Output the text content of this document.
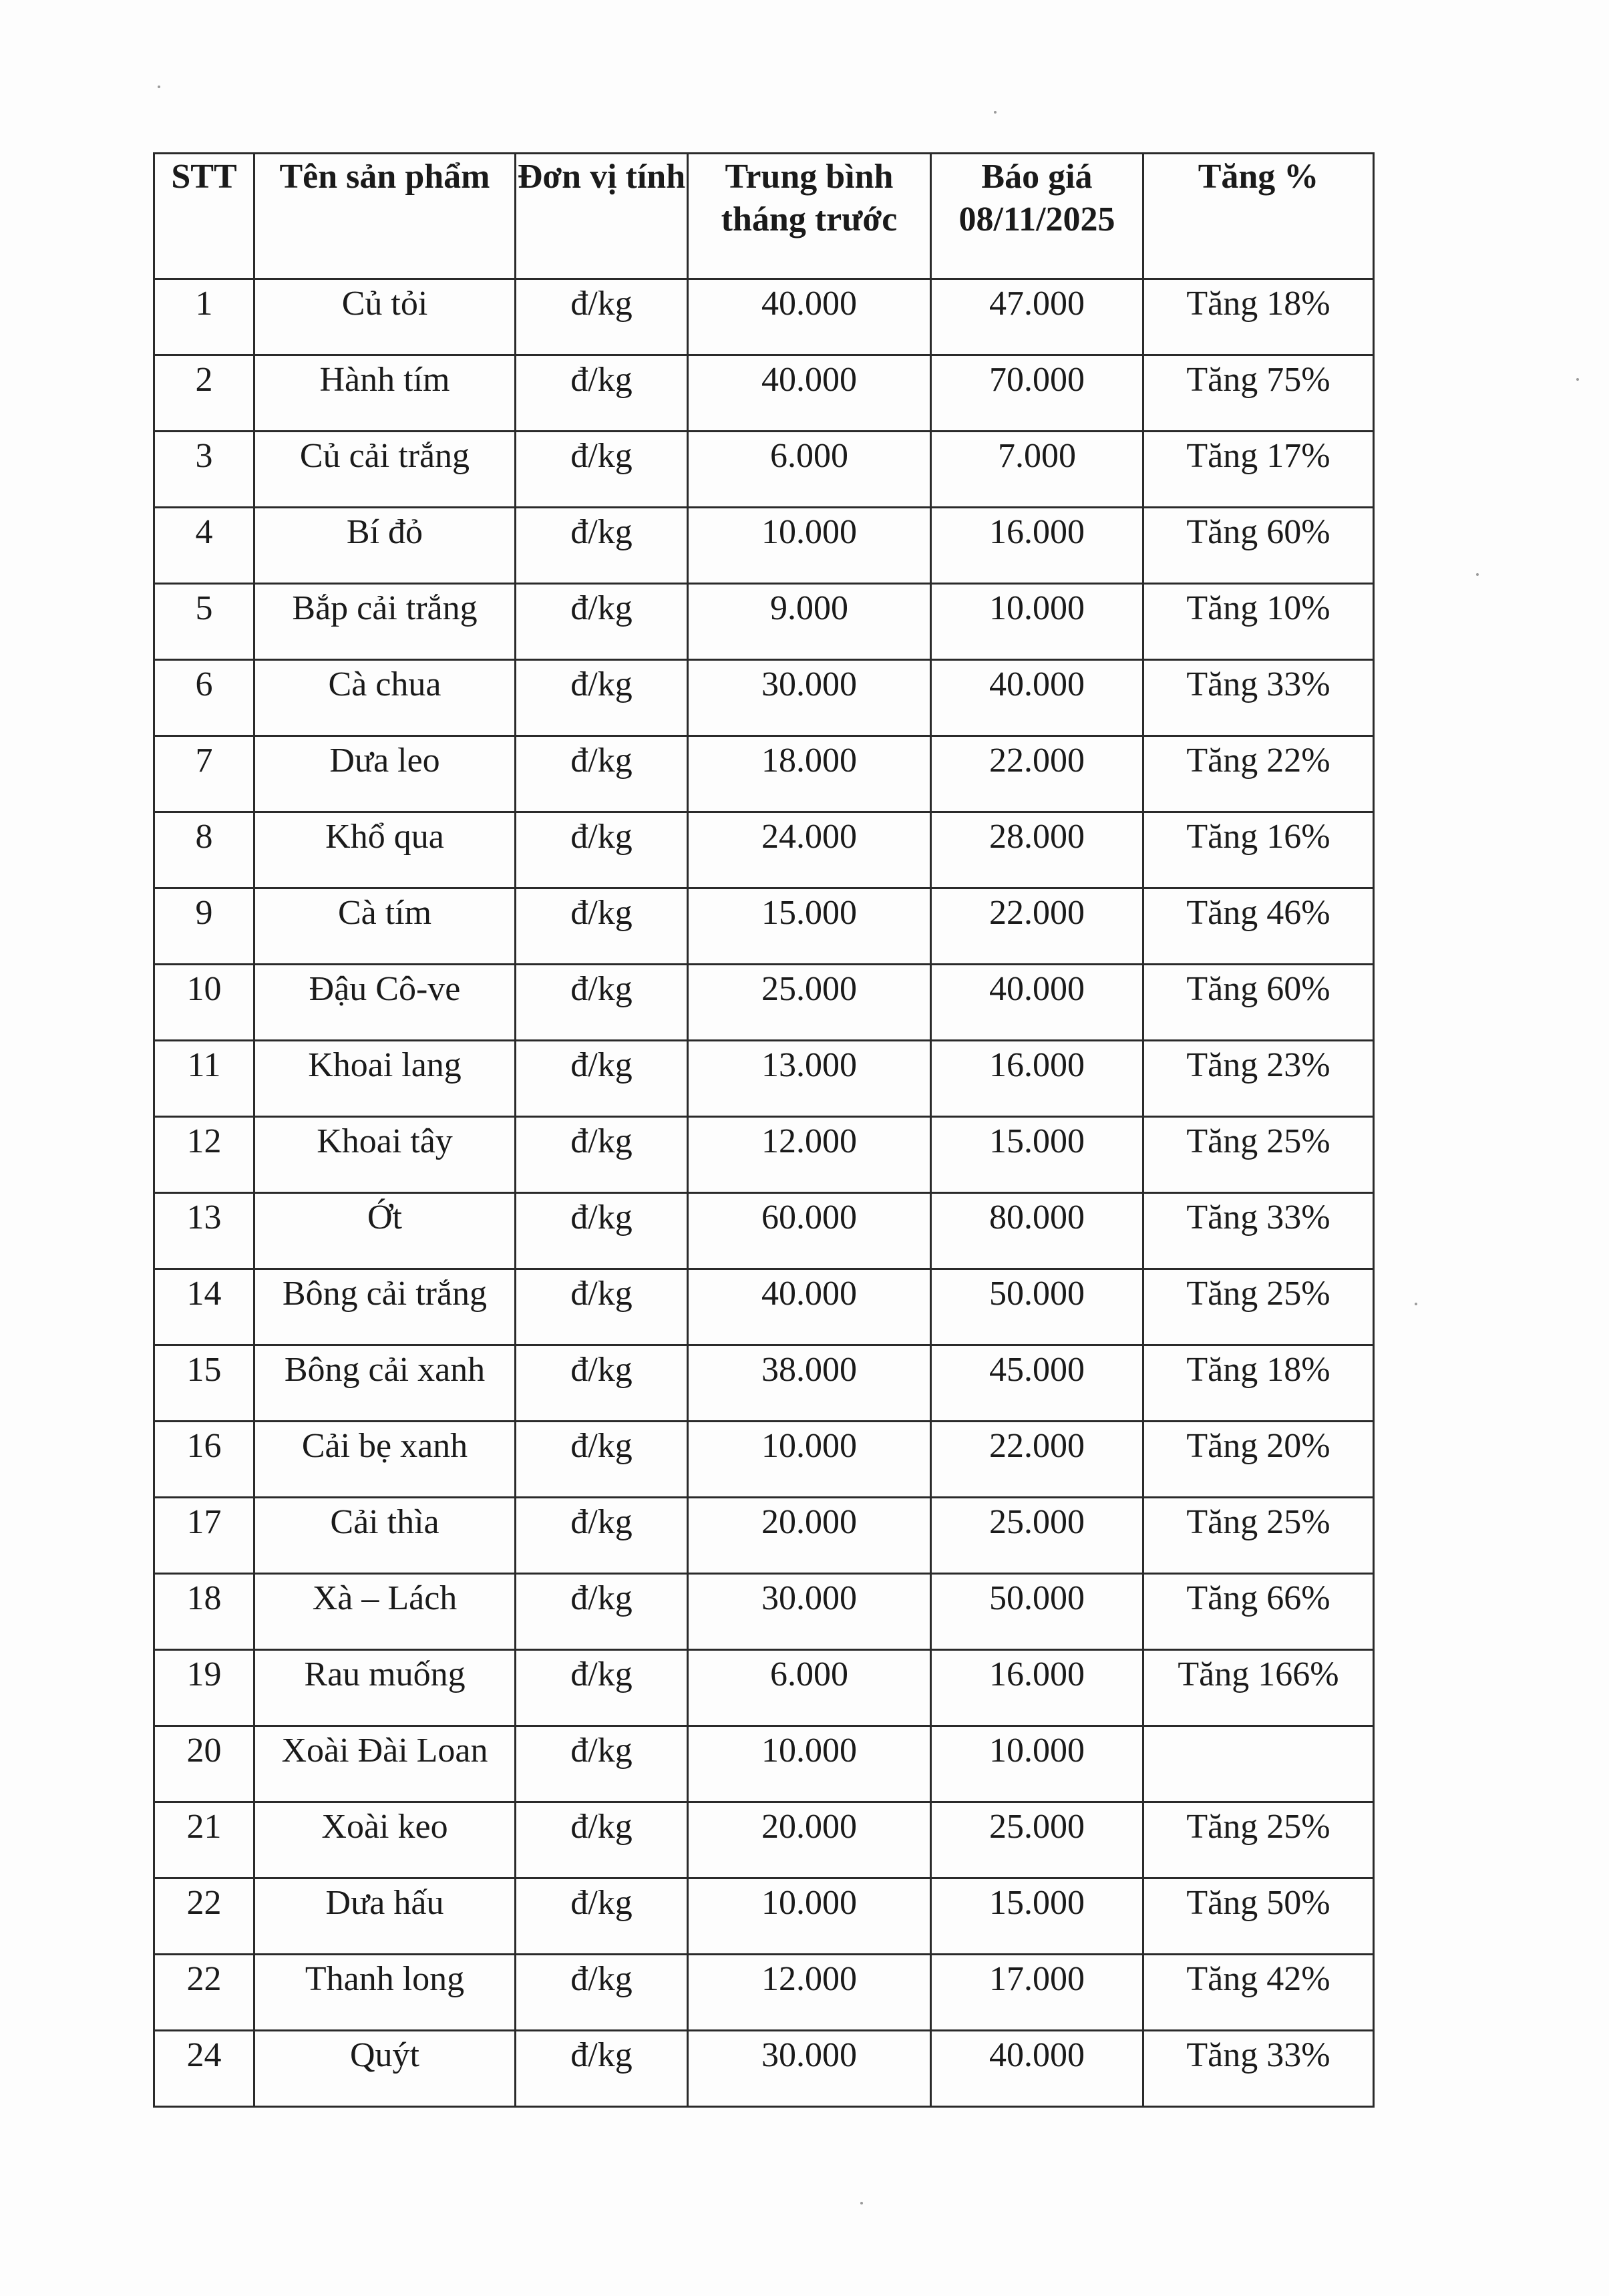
STT	Tên sản phẩm	Đơn vị tính	Trung bình tháng trước	Báo giá 08/11/2025	Tăng %
1	Củ tỏi	đ/kg	40.000	47.000	Tăng 18%
2	Hành tím	đ/kg	40.000	70.000	Tăng 75%
3	Củ cải trắng	đ/kg	6.000	7.000	Tăng 17%
4	Bí đỏ	đ/kg	10.000	16.000	Tăng 60%
5	Bắp cải trắng	đ/kg	9.000	10.000	Tăng 10%
6	Cà chua	đ/kg	30.000	40.000	Tăng 33%
7	Dưa leo	đ/kg	18.000	22.000	Tăng 22%
8	Khổ qua	đ/kg	24.000	28.000	Tăng 16%
9	Cà tím	đ/kg	15.000	22.000	Tăng 46%
10	Đậu Cô-ve	đ/kg	25.000	40.000	Tăng 60%
11	Khoai lang	đ/kg	13.000	16.000	Tăng 23%
12	Khoai tây	đ/kg	12.000	15.000	Tăng 25%
13	Ớt	đ/kg	60.000	80.000	Tăng 33%
14	Bông cải trắng	đ/kg	40.000	50.000	Tăng 25%
15	Bông cải xanh	đ/kg	38.000	45.000	Tăng 18%
16	Cải bẹ xanh	đ/kg	10.000	22.000	Tăng 20%
17	Cải thìa	đ/kg	20.000	25.000	Tăng 25%
18	Xà – Lách	đ/kg	30.000	50.000	Tăng 66%
19	Rau muống	đ/kg	6.000	16.000	Tăng 166%
20	Xoài Đài Loan	đ/kg	10.000	10.000	
21	Xoài keo	đ/kg	20.000	25.000	Tăng 25%
22	Dưa hấu	đ/kg	10.000	15.000	Tăng 50%
22	Thanh long	đ/kg	12.000	17.000	Tăng 42%
24	Quýt	đ/kg	30.000	40.000	Tăng 33%
